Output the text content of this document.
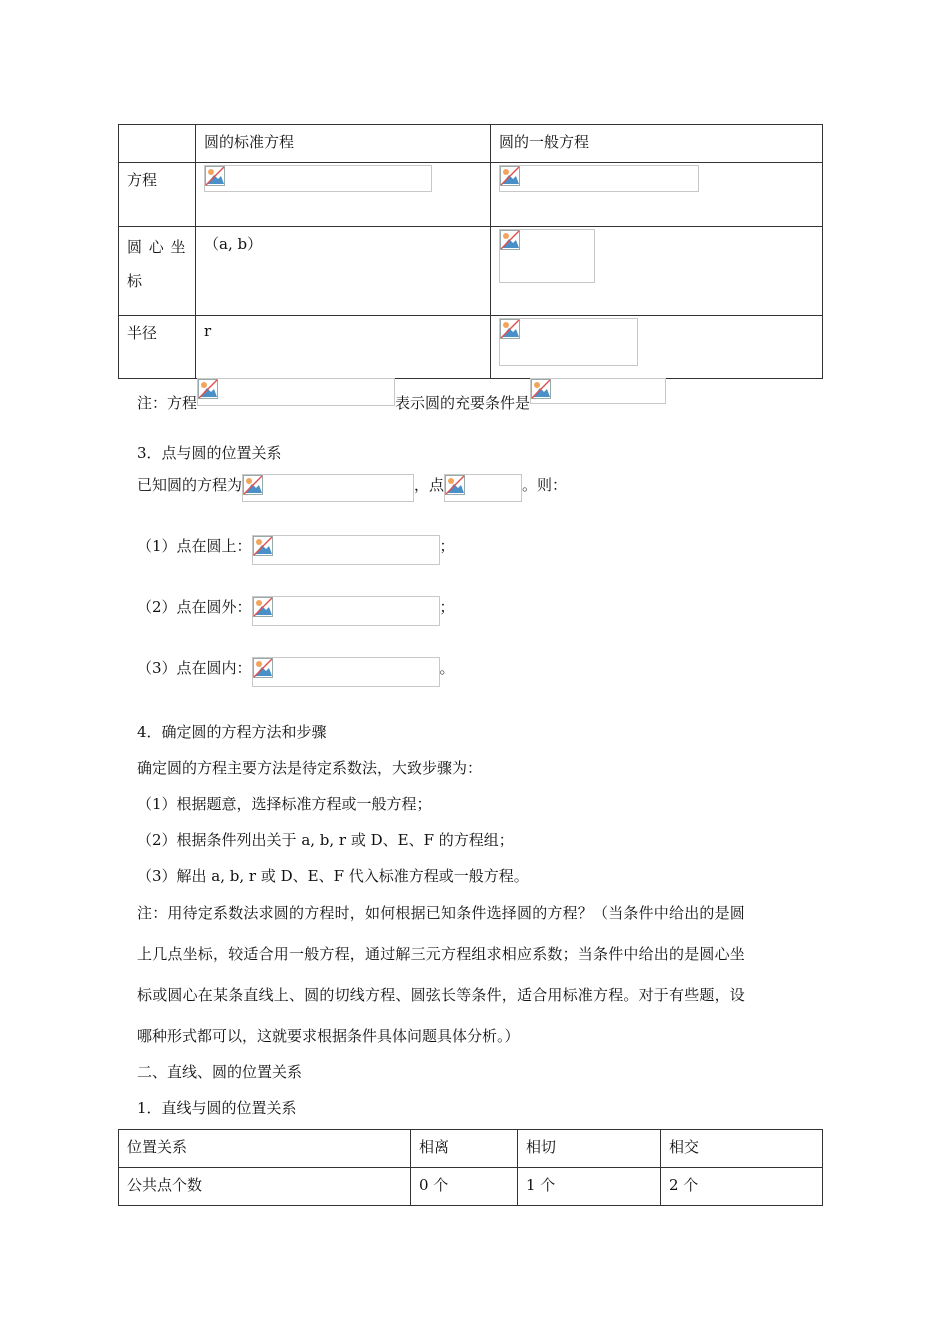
	圆的标准方程	圆的一般方程
方程	

圆 心 坐
标	（a, b）	

半径	r	
注：方程	表示圆的充要条件是
3．点与圆的位置关系
已知圆的方程为	，点	。则：
（1）点在圆上：	；
（2）点在圆外：	；
（3）点在圆内：	。
4．确定圆的方程方法和步骤
确定圆的方程主要方法是待定系数法，大致步骤为：
（1）根据题意，选择标准方程或一般方程；
（2）根据条件列出关于 a, b, r 或 D、E、F 的方程组；
（3）解出 a, b, r 或 D、E、F 代入标准方程或一般方程。
注：用待定系数法求圆的方程时，如何根据已知条件选择圆的方程？（当条件中给出的是圆
上几点坐标，较适合用一般方程，通过解三元方程组求相应系数；当条件中给出的是圆心坐
标或圆心在某条直线上、圆的切线方程、圆弦长等条件，适合用标准方程。对于有些题，设
哪种形式都可以，这就要求根据条件具体问题具体分析。）
二、直线、圆的位置关系
1．直线与圆的位置关系
位置关系	相离	相切	相交
公共点个数	0 个	1 个	2 个
